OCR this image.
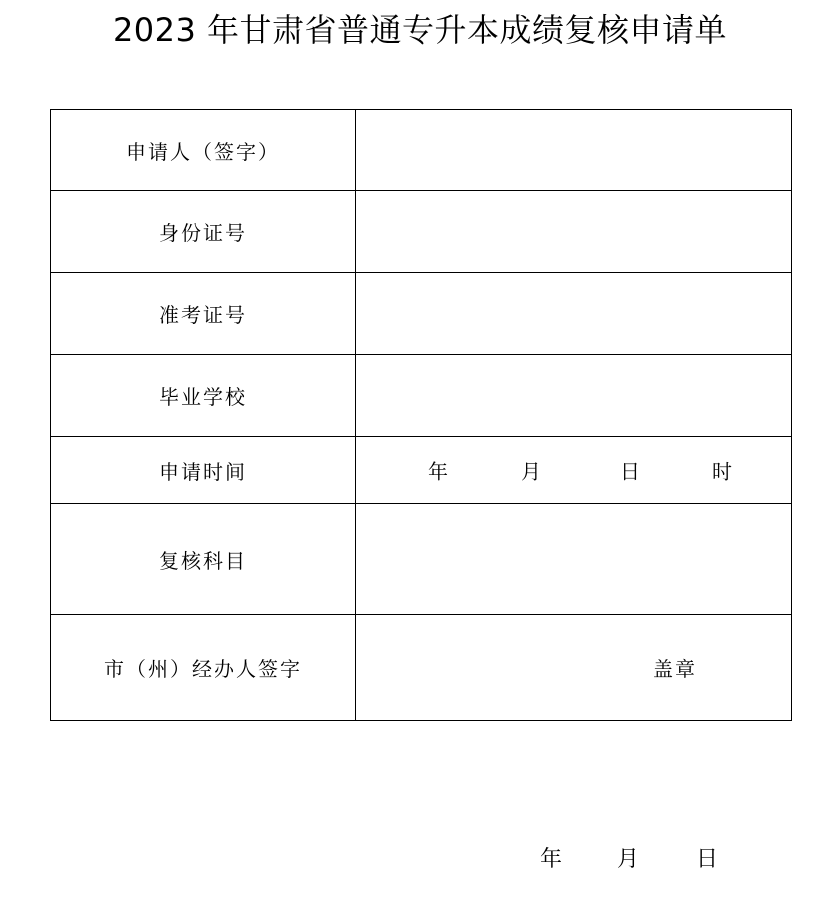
2023 年甘肃省普通专升本成绩复核申请单
申请人（签字）	
身份证号	
准考证号	
毕业学校	
申请时间	年 月 日 时

复核科目	
市（州）经办人签字	盖章
年 月	日
